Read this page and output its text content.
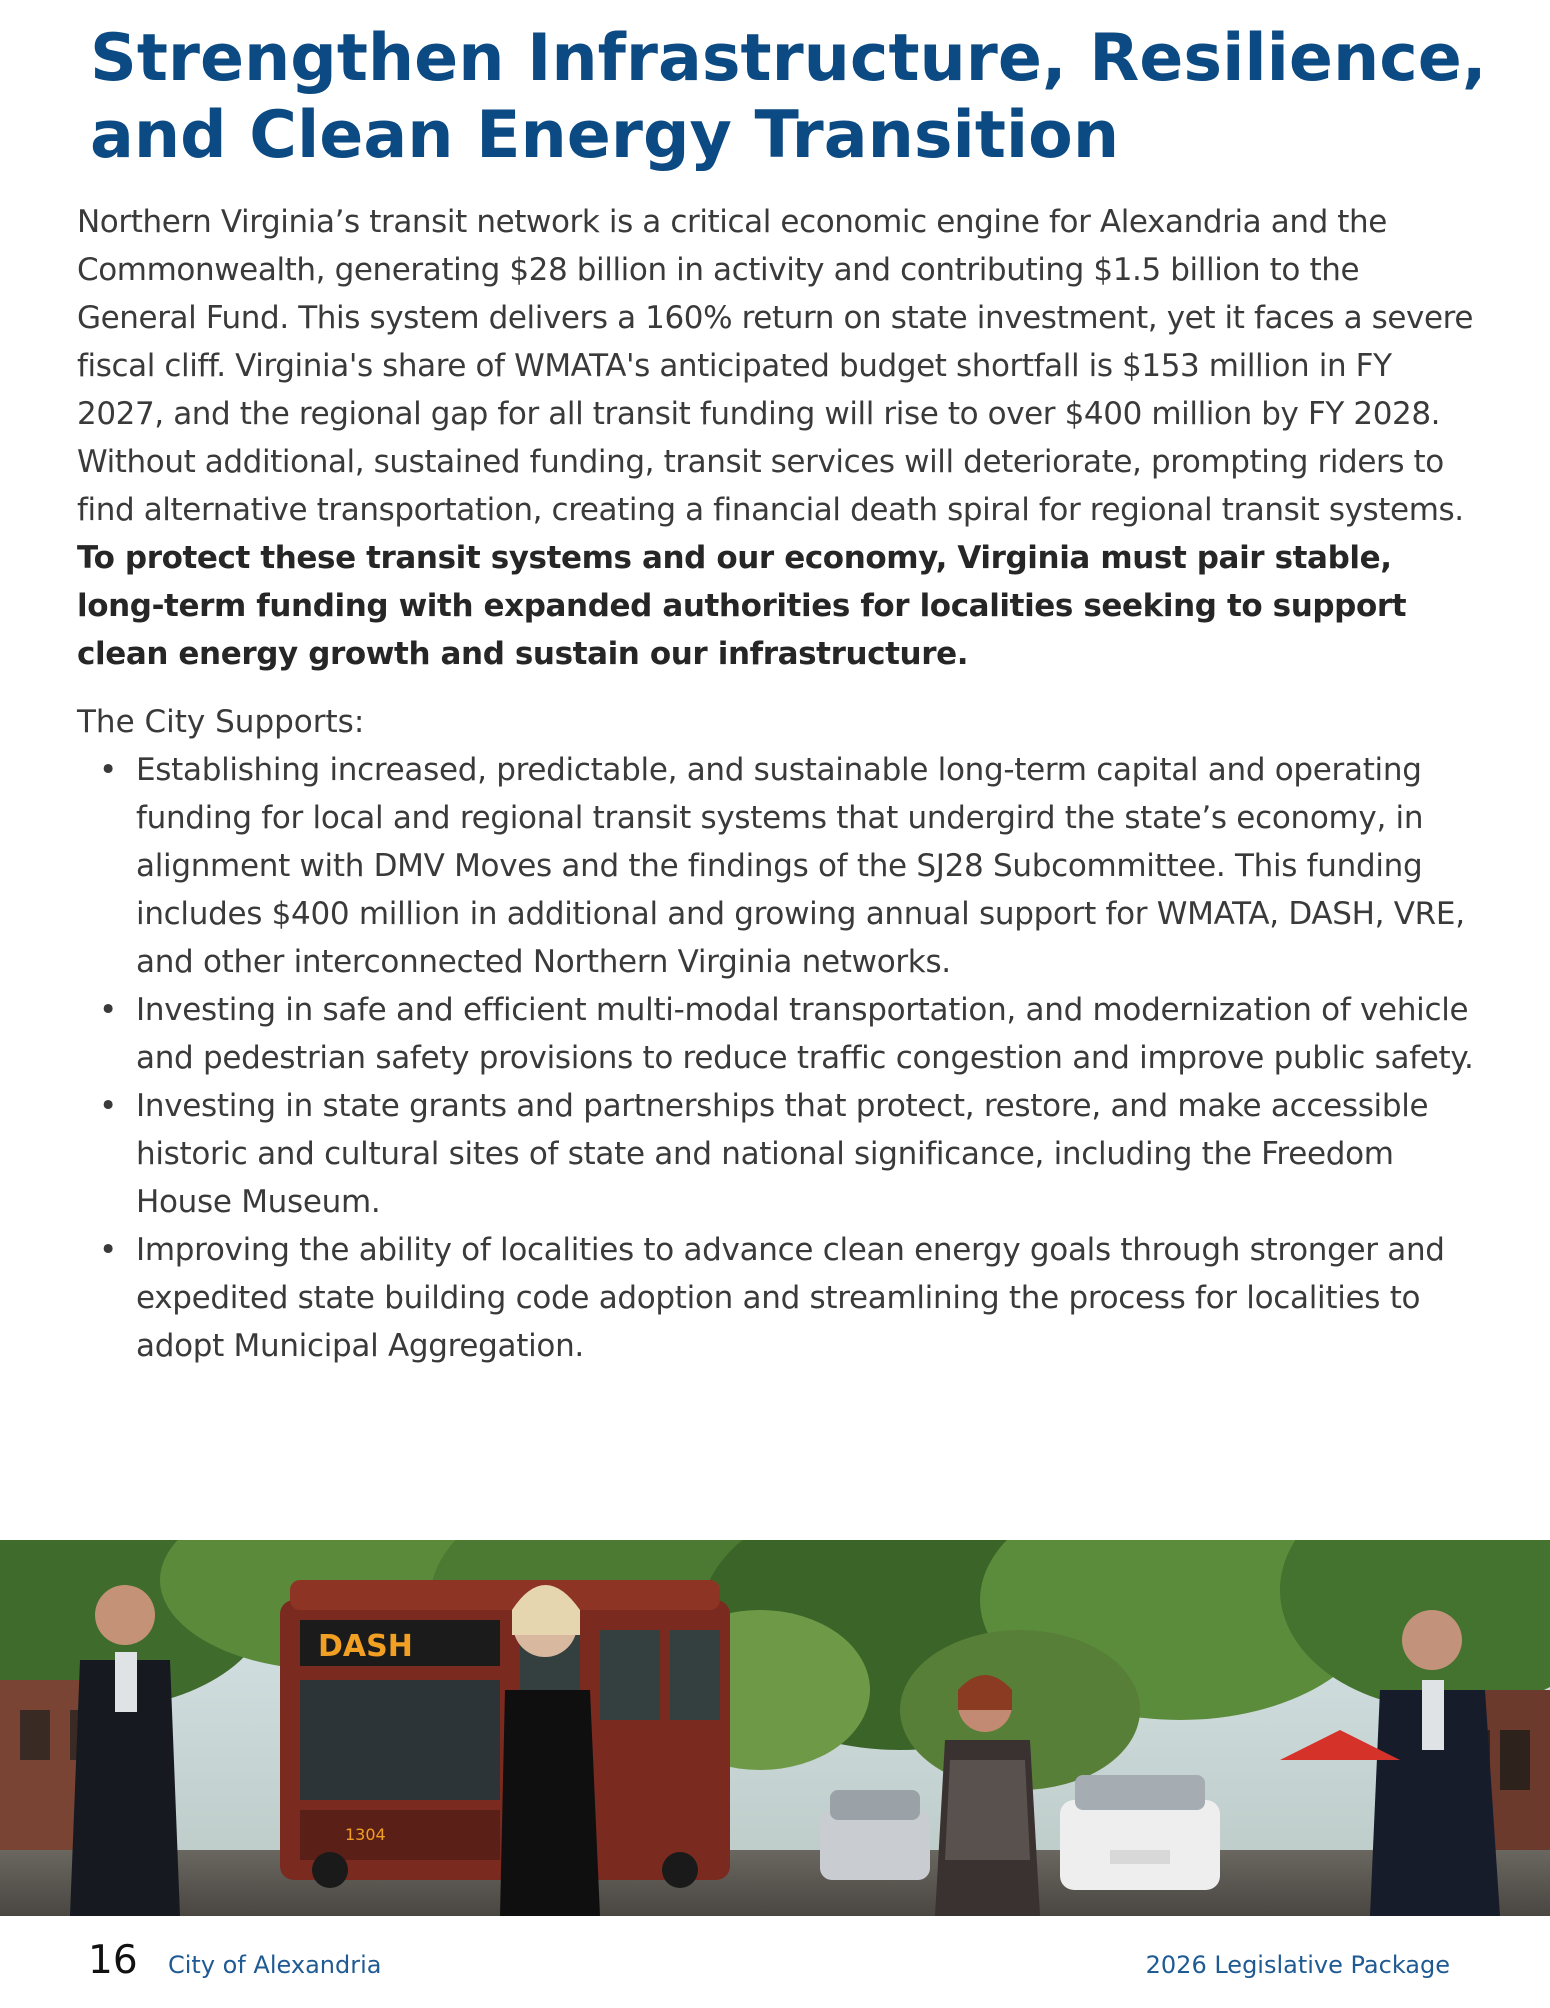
Strengthen Infrastructure, Resilience,
and Clean Energy Transition

Northern Virginia’s transit network is a critical economic engine for Alexandria and the Commonwealth, generating $28 billion in activity and contributing $1.5 billion to the General Fund. This system delivers a 160% return on state investment, yet it faces a severe fiscal cliff. Virginia's share of WMATA's anticipated budget shortfall is $153 million in FY 2027, and the regional gap for all transit funding will rise to over $400 million by FY 2028. Without additional, sustained funding, transit services will deteriorate, prompting riders to find alternative transportation, creating a financial death spiral for regional transit systems. To protect these transit systems and our economy, Virginia must pair stable, long-term funding with expanded authorities for localities seeking to support clean energy growth and sustain our infrastructure.

The City Supports:

• Establishing increased, predictable, and sustainable long-term capital and operating funding for local and regional transit systems that undergird the state’s economy, in alignment with DMV Moves and the findings of the SJ28 Subcommittee. This funding includes $400 million in additional and growing annual support for WMATA, DASH, VRE, and other interconnected Northern Virginia networks.
• Investing in safe and efficient multi-modal transportation, and modernization of vehicle and pedestrian safety provisions to reduce traffic congestion and improve public safety.
• Investing in state grants and partnerships that protect, restore, and make accessible historic and cultural sites of state and national significance, including the Freedom House Museum.
• Improving the ability of localities to advance clean energy goals through stronger and expedited state building code adoption and streamlining the process for localities to adopt Municipal Aggregation.
DASH
1304
16 City of Alexandria	2026 Legislative Package
